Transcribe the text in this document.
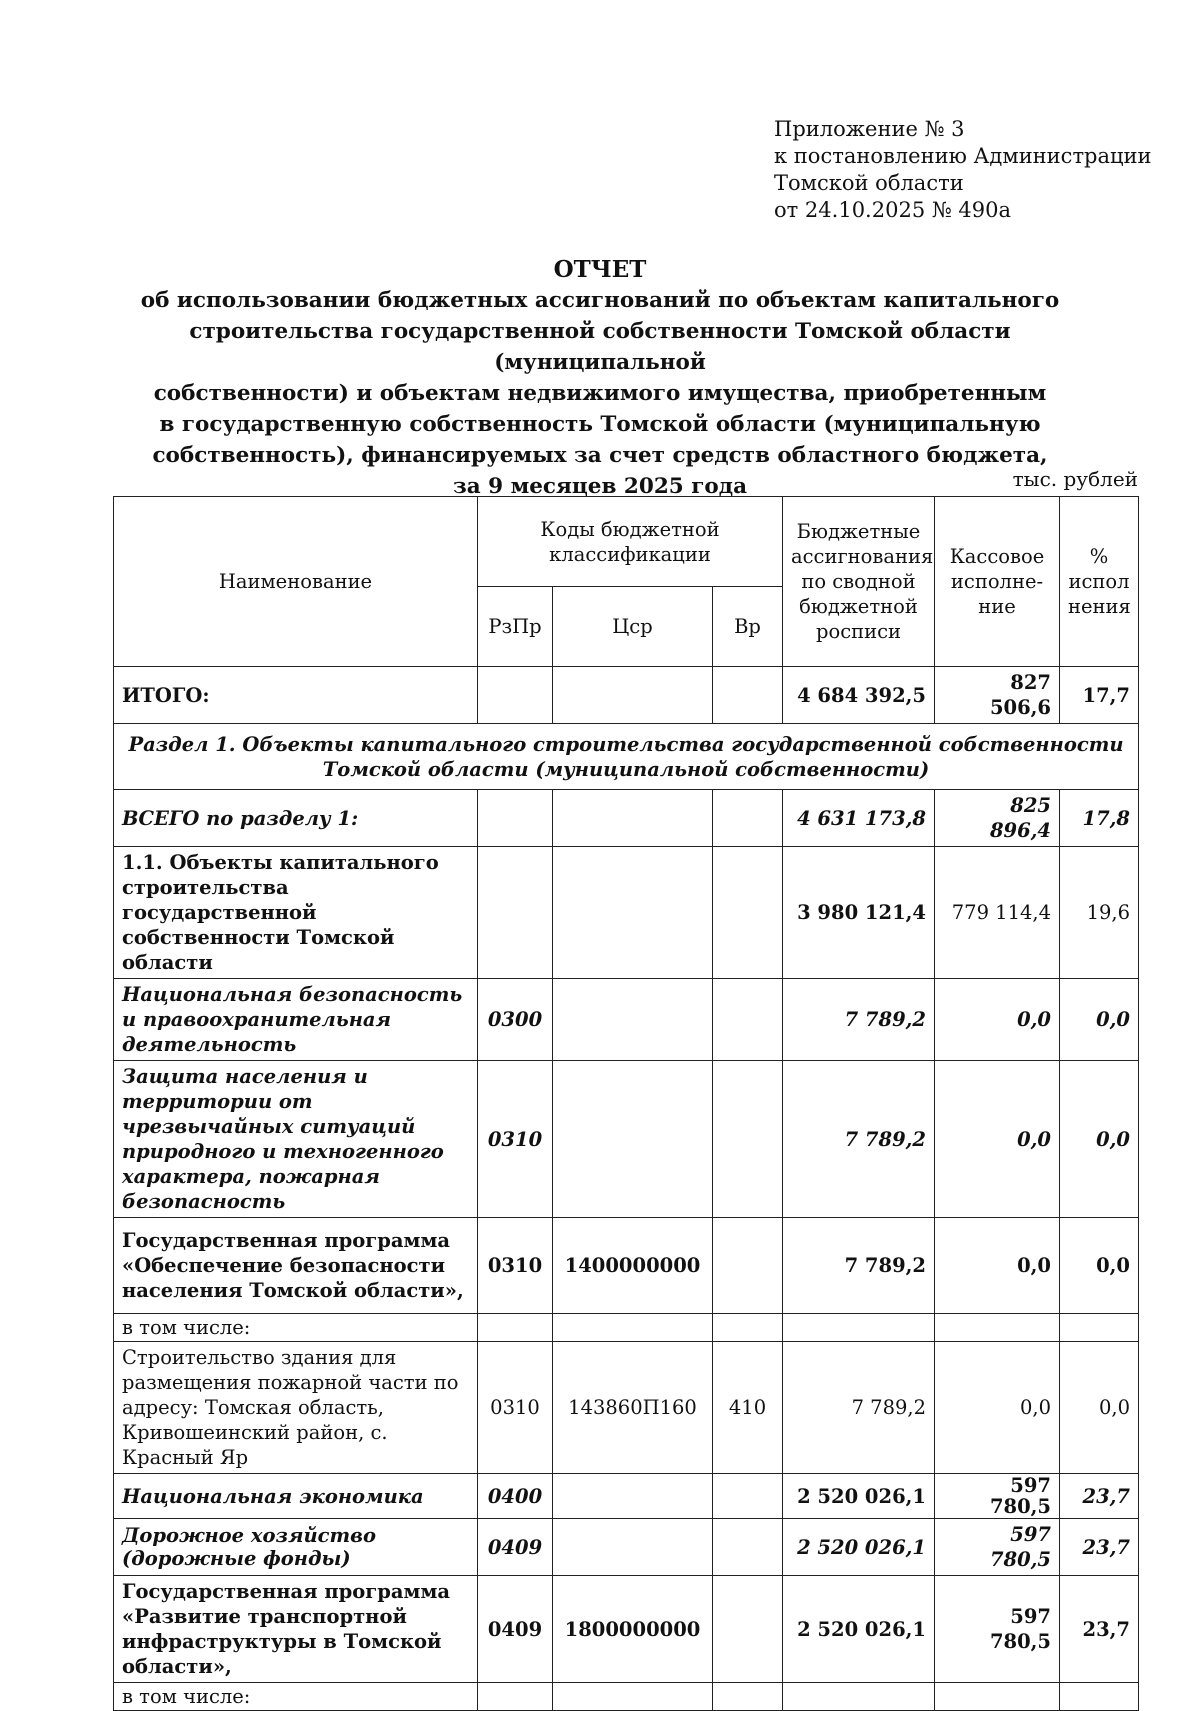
Приложение № 3
к постановлению Администрации
Томской области
от 24.10.2025 № 490а
ОТЧЕТ
об использовании бюджетных ассигнований по объектам капитального
строительства государственной собственности Томской области (муниципальной
собственности) и объектам недвижимого имущества, приобретенным
в государственную собственность Томской области (муниципальную
собственность), финансируемых за счет средств областного бюджета,
за 9 месяцев 2025 года	тыс. рублей
Наименование	Коды бюджетной классификации			Бюджетные ассигнования по сводной бюджетной росписи	Кассовое исполне-ние	% испол нения
	РзПр	Цср	Вр			
ИТОГО:				4 684 392,5	827 506,6	17,7
Раздел 1. Объекты капитального строительства государственной собственности Томской области (муниципальной собственности)						
ВСЕГО по разделу 1:				4 631 173,8	825 896,4	17,8
1.1. Объекты капитального строительства государственной собственности Томской области				3 980 121,4	779 114,4	19,6
Национальная безопасность и правоохранительная деятельность	0300			7 789,2	0,0	0,0
Защита населения и территории от чрезвычайных ситуаций природного и техногенного характера, пожарная безопасность	0310			7 789,2	0,0	0,0
Государственная программа «Обеспечение безопасности населения Томской области»,	0310	1400000000		7 789,2	0,0	0,0
в том числе:						
Строительство здания для размещения пожарной части по адресу: Томская область, Кривошеинский район, с. Красный Яр	0310	143860П160	410	7 789,2	0,0	0,0
Национальная экономика	0400			2 520 026,1	597 780,5	23,7
Дорожное хозяйство (дорожные фонды)	0409			2 520 026,1	597 780,5	23,7
Государственная программа «Развитие транспортной инфраструктуры в Томской области»,	0409	1800000000		2 520 026,1	597 780,5	23,7
в том числе:						
